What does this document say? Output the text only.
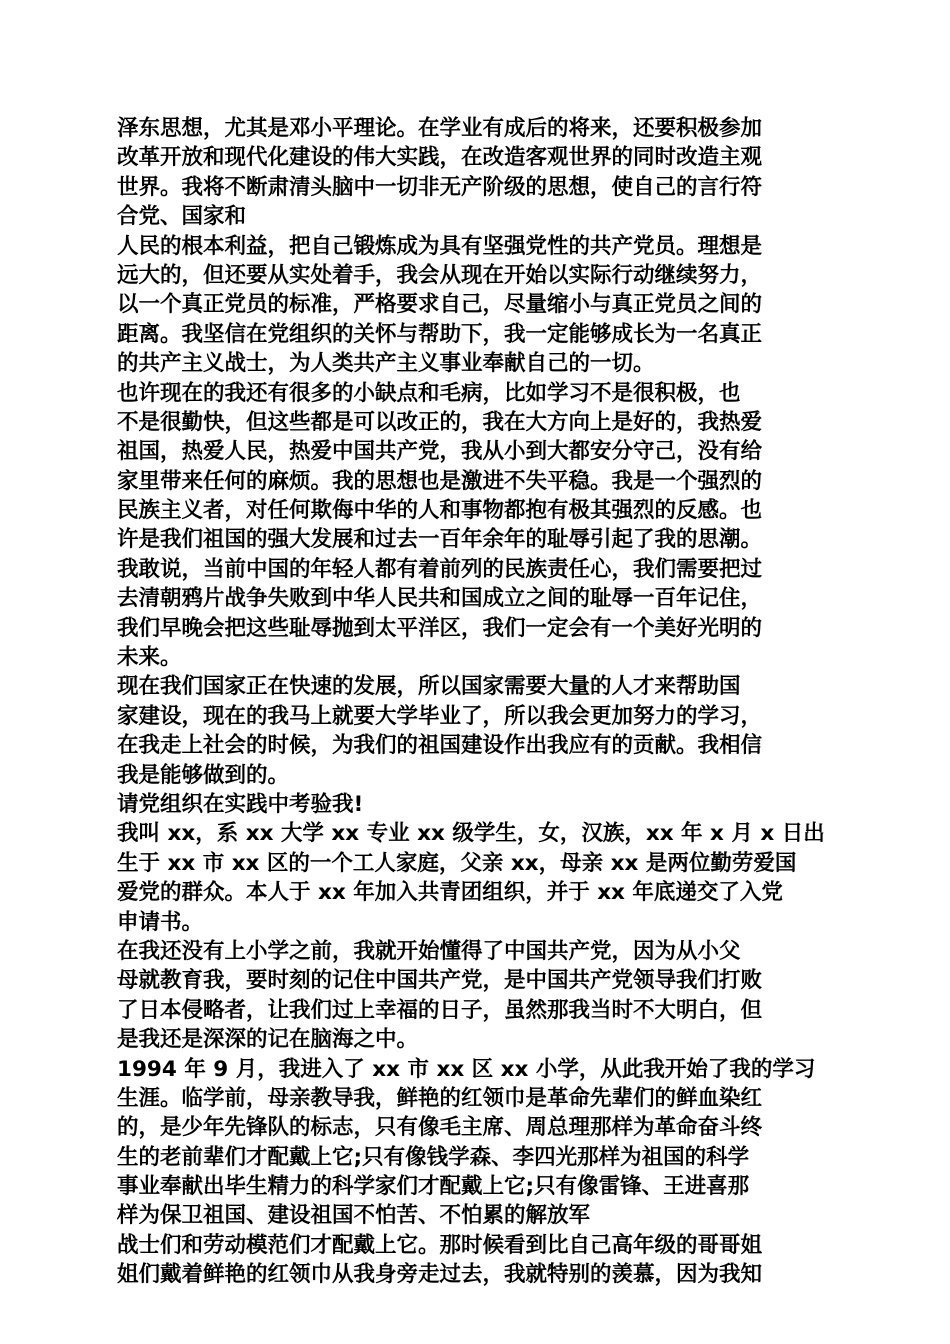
泽东思想，尤其是邓小平理论。在学业有成后的将来，还要积极参加
改革开放和现代化建设的伟大实践，在改造客观世界的同时改造主观
世界。我将不断肃清头脑中一切非无产阶级的思想，使自己的言行符
合党、国家和
人民的根本利益，把自己锻炼成为具有坚强党性的共产党员。理想是
远大的，但还要从实处着手，我会从现在开始以实际行动继续努力，
以一个真正党员的标准，严格要求自己，尽量缩小与真正党员之间的
距离。我坚信在党组织的关怀与帮助下，我一定能够成长为一名真正
的共产主义战士，为人类共产主义事业奉献自己的一切。
也许现在的我还有很多的小缺点和毛病，比如学习不是很积极，也
不是很勤快，但这些都是可以改正的，我在大方向上是好的，我热爱
祖国，热爱人民，热爱中国共产党，我从小到大都安分守己，没有给
家里带来任何的麻烦。我的思想也是激进不失平稳。我是一个强烈的
民族主义者，对任何欺侮中华的人和事物都抱有极其强烈的反感。也
许是我们祖国的强大发展和过去一百年余年的耻辱引起了我的思潮。
我敢说，当前中国的年轻人都有着前列的民族责任心，我们需要把过
去清朝鸦片战争失败到中华人民共和国成立之间的耻辱一百年记住，
我们早晚会把这些耻辱抛到太平洋区，我们一定会有一个美好光明的
未来。
现在我们国家正在快速的发展，所以国家需要大量的人才来帮助国
家建设，现在的我马上就要大学毕业了，所以我会更加努力的学习，
在我走上社会的时候，为我们的祖国建设作出我应有的贡献。我相信
我是能够做到的。
请党组织在实践中考验我!
我叫 xx，系 xx 大学 xx 专业 xx 级学生，女，汉族，xx 年 x 月 x 日出
生于 xx 市 xx 区的一个工人家庭，父亲 xx，母亲 xx 是两位勤劳爱国
爱党的群众。本人于 xx 年加入共青团组织，并于 xx 年底递交了入党
申请书。
在我还没有上小学之前，我就开始懂得了中国共产党，因为从小父
母就教育我，要时刻的记住中国共产党，是中国共产党领导我们打败
了日本侵略者，让我们过上幸福的日子，虽然那我当时不大明白，但
是我还是深深的记在脑海之中。
1994 年 9 月，我进入了 xx 市 xx 区 xx 小学，从此我开始了我的学习
生涯。临学前，母亲教导我，鲜艳的红领巾是革命先辈们的鲜血染红
的，是少年先锋队的标志，只有像毛主席、周总理那样为革命奋斗终
生的老前辈们才配戴上它;只有像钱学森、李四光那样为祖国的科学
事业奉献出毕生精力的科学家们才配戴上它;只有像雷锋、王进喜那
样为保卫祖国、建设祖国不怕苦、不怕累的解放军
战士们和劳动模范们才配戴上它。那时候看到比自己高年级的哥哥姐
姐们戴着鲜艳的红领巾从我身旁走过去，我就特别的羡慕，因为我知
